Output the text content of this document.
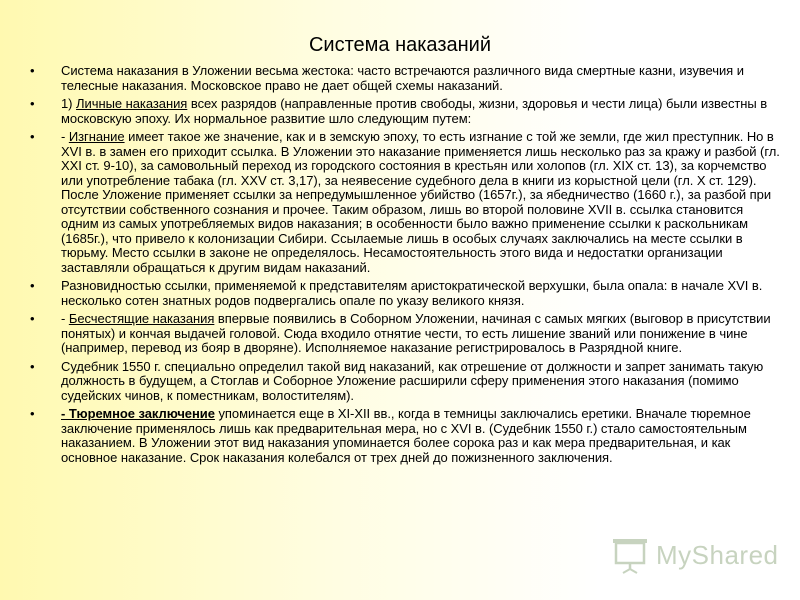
Система наказаний
• Система наказания в Уложении весьма жестока: часто встречаются различного вида смертные казни, изувечия и телесные наказания. Московское право не дает общей схемы наказаний.
• 1) Личные наказания всех разрядов (направленные против свободы, жизни, здоровья и чести лица) были известны в московскую эпоху. Их нормальное развитие шло следующим путем:
• - Изгнание имеет такое же значение, как и в земскую эпоху, то есть изгнание с той же земли, где жил преступник. Но в XVI в. в замен его приходит ссылка. В Уложении это наказание применяется лишь несколько раз за кражу и разбой (гл. XXI ст. 9-10), за самовольный переход из городского состояния в крестьян или холопов (гл. XIX ст. 13), за корчемство или употребление табака (гл. XXV ст. 3,17), за неявесение судебного дела в книги из корыстной цели (гл. X ст. 129). После Уложение применяет ссылки за непредумышленное убийство (1657г.), за ябедничество (1660 г.), за разбой при отсутствии собственного сознания и прочее. Таким образом, лишь во второй половине XVII в. ссылка становится одним из самых употребляемых видов наказания; в особенности было важно применение ссылки к раскольникам (1685г.), что привело к колонизации Сибири. Ссылаемые лишь в особых случаях заключались на месте ссылки в тюрьму. Место ссылки в законе не определялось. Несамостоятельность этого вида и недостатки организации заставляли обращаться к другим видам наказаний.
• Разновидностью ссылки, применяемой к представителям аристократической верхушки, была опала: в начале XVI в. несколько сотен знатных родов подвергались опале по указу великого князя.
• - Бесчестящие наказания впервые появились в Соборном Уложении, начиная с самых мягких (выговор в присутствии понятых) и кончая выдачей головой. Сюда входило отнятие чести, то есть лишение званий или понижение в чине (например, перевод из бояр в дворяне). Исполняемое наказание регистрировалось в Разрядной книге.
• Судебник 1550 г. специально определил такой вид наказаний, как отрешение от должности и запрет занимать такую должность в будущем, а Стоглав и Соборное Уложение расширили сферу применения этого наказания (помимо судейских чинов, к поместникам, волостителям).
• - Тюремное заключение упоминается еще в XI-XII вв., когда в темницы заключались еретики. Вначале тюремное заключение применялось лишь как предварительная мера, но с XVI в. (Судебник 1550 г.) стало самостоятельным наказанием. В Уложении этот вид наказания упоминается более сорока раз и как мера предварительная, и как основное наказание. Срок наказания колебался от трех дней до пожизненного заключения.
MyShared
